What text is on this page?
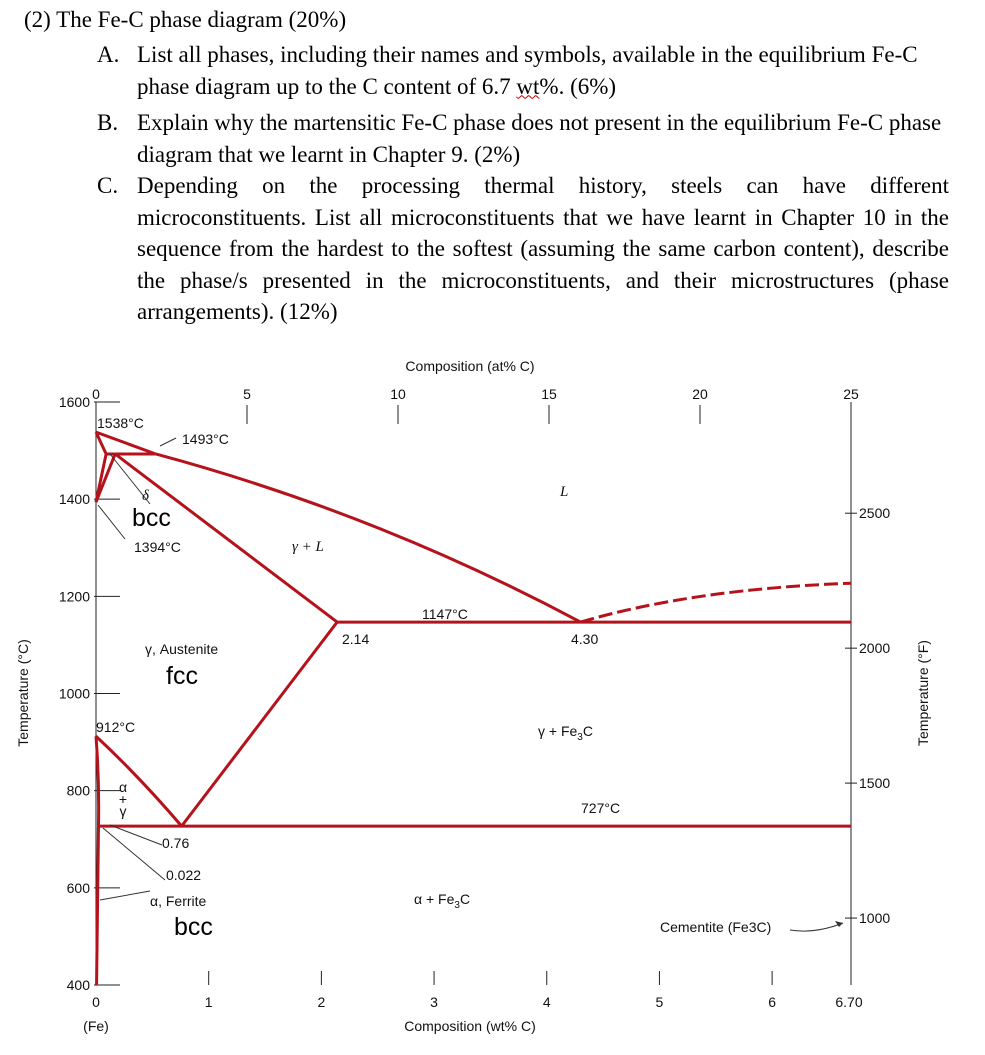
(2) The Fe-C phase diagram (20%)
A. List all phases, including their names and symbols, available in the equilibrium Fe-C phase diagram up to the C content of 6.7 wt%. (6%)
B. Explain why the martensitic Fe-C phase does not present in the equilibrium Fe-C phase diagram that we learnt in Chapter 9. (2%)
C. Depending on the processing thermal history, steels can have different microconstituents. List all microconstituents that we have learnt in Chapter 10 in the sequence from the hardest to the softest (assuming the same carbon content), describe the phase/s presented in the microconstituents, and their microstructures (phase arrangements). (12%)
400
600
800
1000
1200
1400
1600
Temperature (°C)
0	1	2	3	4	5	6	6.70
(Fe)	Composition (wt% C)
0	5	10	15	20	25
Composition (at% C)
1000
1500
2000
2500
Temperature (°F)
1538°C
1493°C
δ
1394°C
L
γ + L
1147°C
2.14	4.30
γ, Austenite
912°C	$\gamma + Fe_3C$
α
+
γ	727°C
0.76
0.022
α, Ferrite	$\alpha + Fe_3C$
Cementite (Fe3C)
bcc
fcc
bcc
